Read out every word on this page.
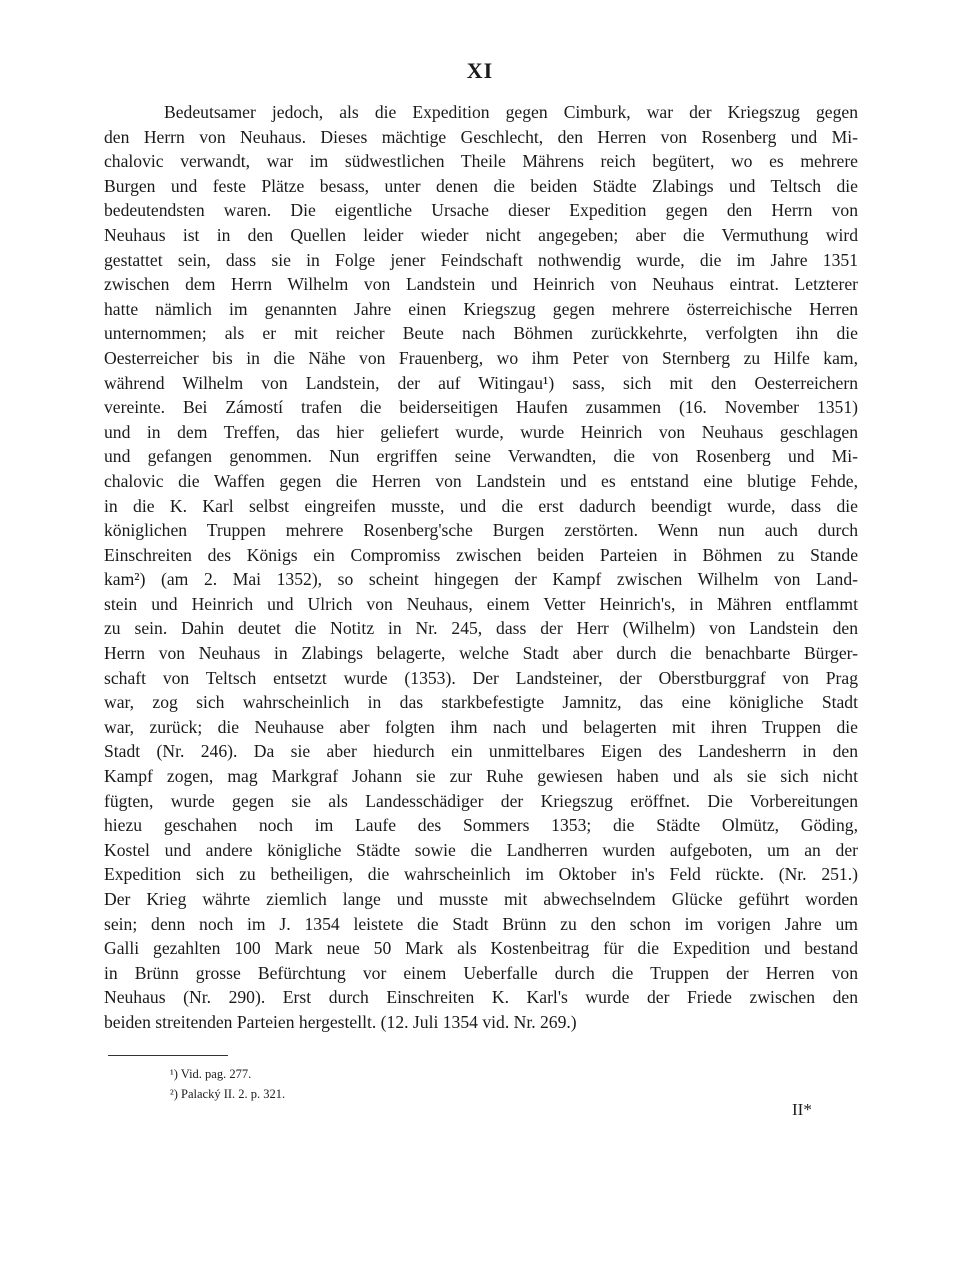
XI
Bedeutsamer jedoch, als die Expedition gegen Cimburk, war der Kriegszug gegen
den Herrn von Neuhaus. Dieses mächtige Geschlecht, den Herren von Rosenberg und Mi-
chalovic verwandt, war im südwestlichen Theile Mährens reich begütert, wo es mehrere
Burgen und feste Plätze besass, unter denen die beiden Städte Zlabings und Teltsch die
bedeutendsten waren. Die eigentliche Ursache dieser Expedition gegen den Herrn von
Neuhaus ist in den Quellen leider wieder nicht angegeben; aber die Vermuthung wird
gestattet sein, dass sie in Folge jener Feindschaft nothwendig wurde, die im Jahre 1351
zwischen dem Herrn Wilhelm von Landstein und Heinrich von Neuhaus eintrat. Letzterer
hatte nämlich im genannten Jahre einen Kriegszug gegen mehrere österreichische Herren
unternommen; als er mit reicher Beute nach Böhmen zurückkehrte, verfolgten ihn die
Oesterreicher bis in die Nähe von Frauenberg, wo ihm Peter von Sternberg zu Hilfe kam,
während Wilhelm von Landstein, der auf Witingau¹) sass, sich mit den Oesterreichern
vereinte. Bei Zámostí trafen die beiderseitigen Haufen zusammen (16. November 1351)
und in dem Treffen, das hier geliefert wurde, wurde Heinrich von Neuhaus geschlagen
und gefangen genommen. Nun ergriffen seine Verwandten, die von Rosenberg und Mi-
chalovic die Waffen gegen die Herren von Landstein und es entstand eine blutige Fehde,
in die K. Karl selbst eingreifen musste, und die erst dadurch beendigt wurde, dass die
königlichen Truppen mehrere Rosenberg'sche Burgen zerstörten. Wenn nun auch durch
Einschreiten des Königs ein Compromiss zwischen beiden Parteien in Böhmen zu Stande
kam²) (am 2. Mai 1352), so scheint hingegen der Kampf zwischen Wilhelm von Land-
stein und Heinrich und Ulrich von Neuhaus, einem Vetter Heinrich's, in Mähren entflammt
zu sein. Dahin deutet die Notitz in Nr. 245, dass der Herr (Wilhelm) von Landstein den
Herrn von Neuhaus in Zlabings belagerte, welche Stadt aber durch die benachbarte Bürger-
schaft von Teltsch entsetzt wurde (1353). Der Landsteiner, der Oberstburggraf von Prag
war, zog sich wahrscheinlich in das starkbefestigte Jamnitz, das eine königliche Stadt
war, zurück; die Neuhause aber folgten ihm nach und belagerten mit ihren Truppen die
Stadt (Nr. 246). Da sie aber hiedurch ein unmittelbares Eigen des Landesherrn in den
Kampf zogen, mag Markgraf Johann sie zur Ruhe gewiesen haben und als sie sich nicht
fügten, wurde gegen sie als Landesschädiger der Kriegszug eröffnet. Die Vorbereitungen
hiezu geschahen noch im Laufe des Sommers 1353; die Städte Olmütz, Göding,
Kostel und andere königliche Städte sowie die Landherren wurden aufgeboten, um an der
Expedition sich zu betheiligen, die wahrscheinlich im Oktober in's Feld rückte. (Nr. 251.)
Der Krieg währte ziemlich lange und musste mit abwechselndem Glücke geführt worden
sein; denn noch im J. 1354 leistete die Stadt Brünn zu den schon im vorigen Jahre um
Galli gezahlten 100 Mark neue 50 Mark als Kostenbeitrag für die Expedition und bestand
in Brünn grosse Befürchtung vor einem Ueberfalle durch die Truppen der Herren von
Neuhaus (Nr. 290). Erst durch Einschreiten K. Karl's wurde der Friede zwischen den
beiden streitenden Parteien hergestellt. (12. Juli 1354 vid. Nr. 269.)
¹) Vid. pag. 277.
²) Palacký II. 2. p. 321.
II*
